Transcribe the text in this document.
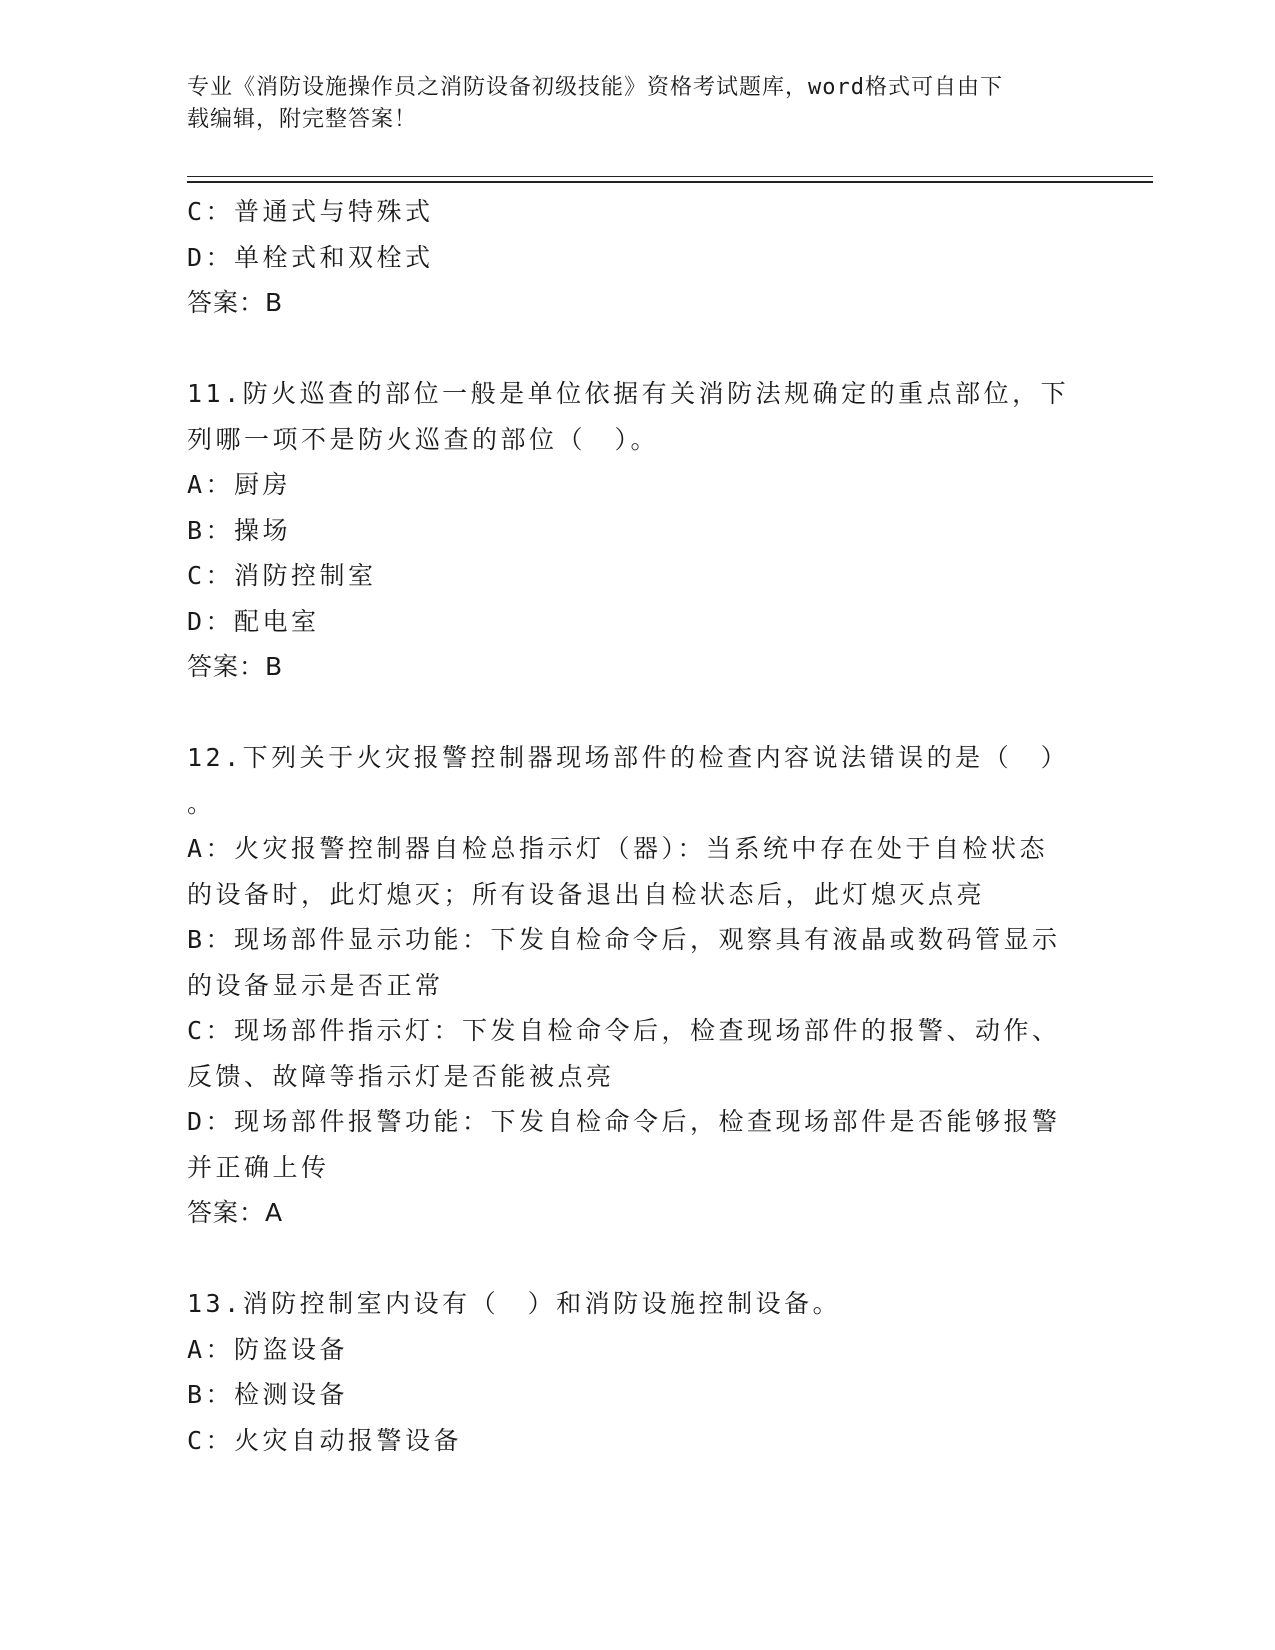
专业《消防设施操作员之消防设备初级技能》资格考试题库，word格式可自由下
载编辑，附完整答案！
C：普通式与特殊式
D：单栓式和双栓式
答案：B
11.防火巡查的部位一般是单位依据有关消防法规确定的重点部位，下
列哪一项不是防火巡查的部位（　）。
A：厨房
B：操场
C：消防控制室
D：配电室
答案：B
12.下列关于火灾报警控制器现场部件的检查内容说法错误的是（　）
。
A：火灾报警控制器自检总指示灯（器）：当系统中存在处于自检状态
的设备时，此灯熄灭；所有设备退出自检状态后，此灯熄灭点亮
B：现场部件显示功能：下发自检命令后，观察具有液晶或数码管显示
的设备显示是否正常
C：现场部件指示灯：下发自检命令后，检查现场部件的报警、动作、
反馈、故障等指示灯是否能被点亮
D：现场部件报警功能：下发自检命令后，检查现场部件是否能够报警
并正确上传
答案：A
13.消防控制室内设有（　）和消防设施控制设备。
A：防盗设备
B：检测设备
C：火灾自动报警设备
